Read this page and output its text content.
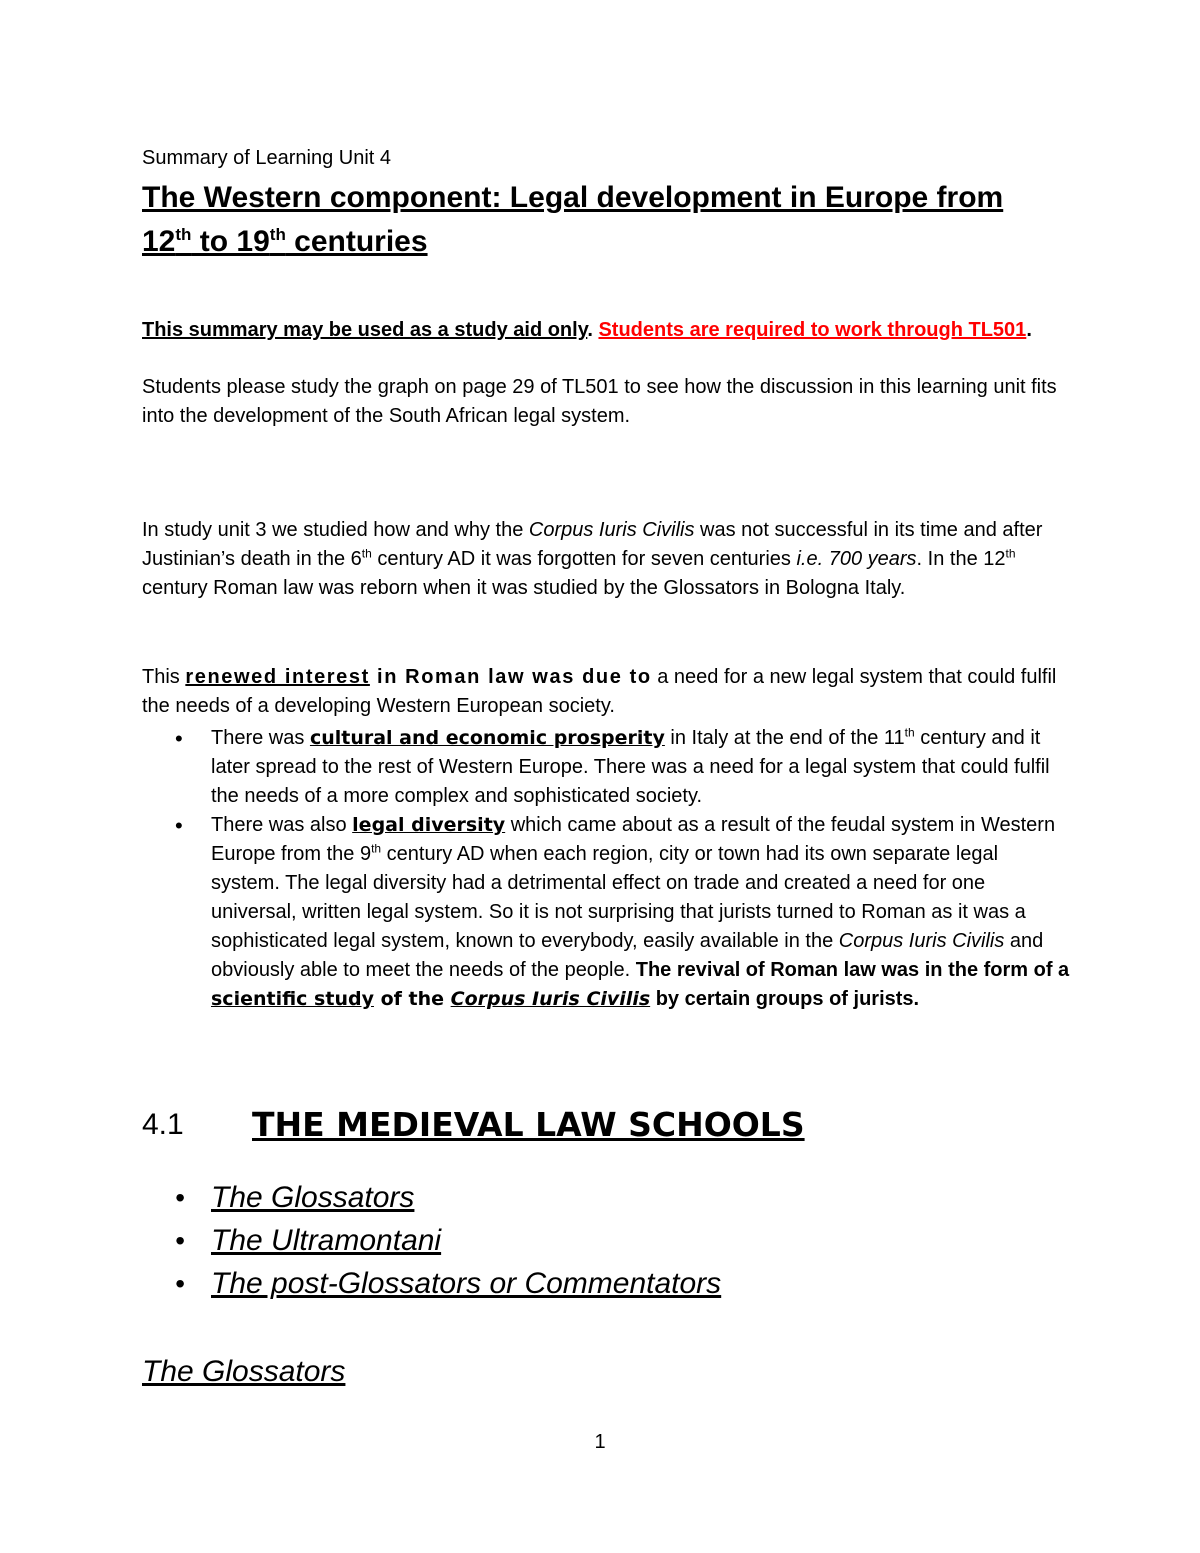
Summary of Learning Unit 4
The Western component: Legal development in Europe from
12th to 19th centuries
This summary may be used as a study aid only. Students are required to work through TL501.
Students please study the graph on page 29 of TL501 to see how the discussion in this learning unit fits into the development of the South African legal system.
In study unit 3 we studied how and why the Corpus Iuris Civilis was not successful in its time and after Justinian’s death in the 6th century AD it was forgotten for seven centuries i.e. 700 years. In the 12th century Roman law was reborn when it was studied by the Glossators in Bologna Italy.
This renewed interest in Roman law was due to a need for a new legal system that could fulfil the needs of a developing Western European society.
• There was cultural and economic prosperity in Italy at the end of the 11th century and it later spread to the rest of Western Europe. There was a need for a legal system that could fulfil the needs of a more complex and sophisticated society.
• There was also legal diversity which came about as a result of the feudal system in Western Europe from the 9th century AD when each region, city or town had its own separate legal system. The legal diversity had a detrimental effect on trade and created a need for one universal, written legal system. So it is not surprising that jurists turned to Roman as it was a sophisticated legal system, known to everybody, easily available in the Corpus Iuris Civilis and obviously able to meet the needs of the people. The revival of Roman law was in the form of a scientific study of the Corpus Iuris Civilis by certain groups of jurists.
4.1 THE MEDIEVAL LAW SCHOOLS
• The Glossators
• The Ultramontani
• The post-Glossators or Commentators
The Glossators
1
